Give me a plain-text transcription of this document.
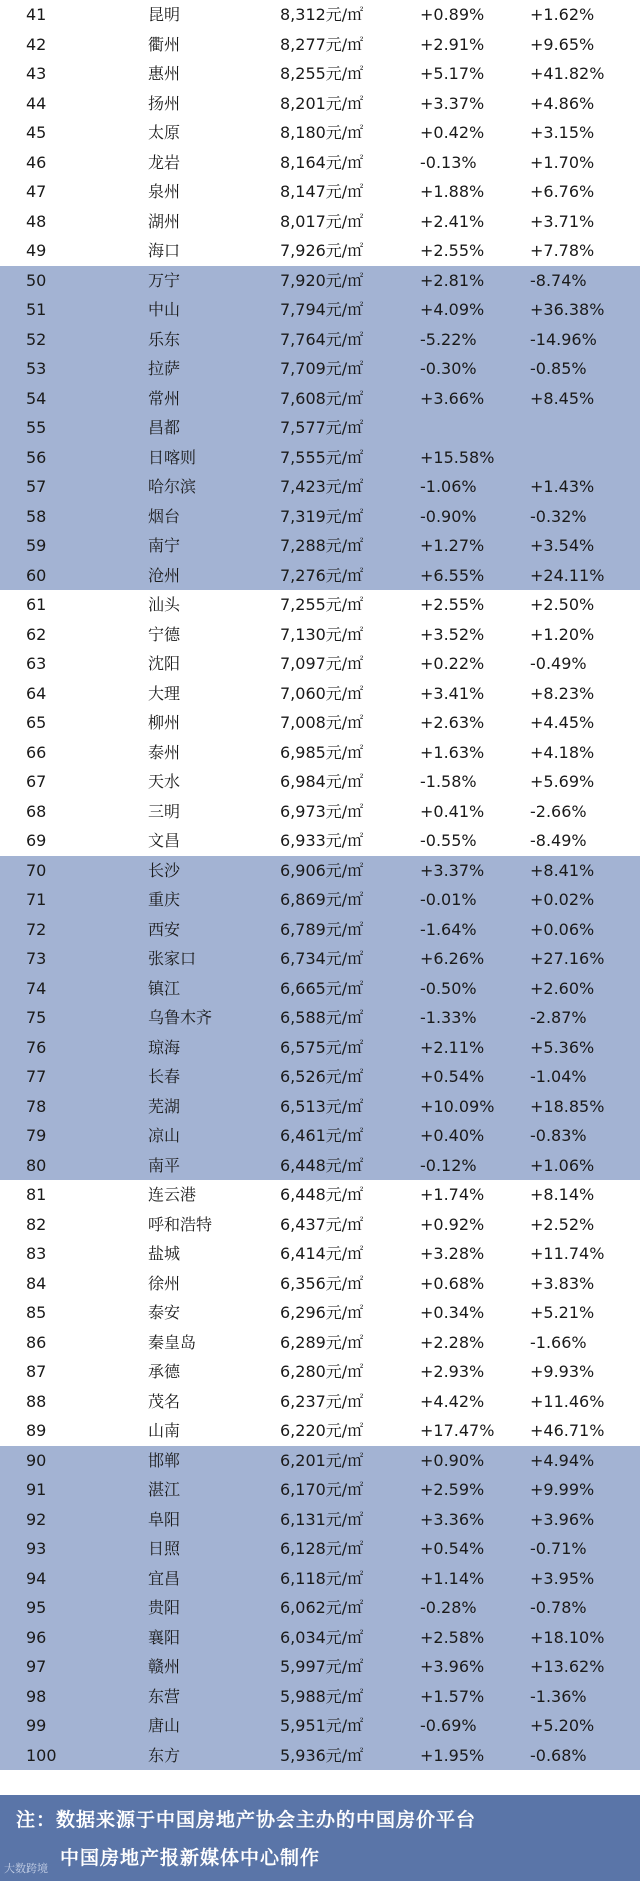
41	昆明	8,312元/㎡	+0.89%	+1.62%
42	衢州	8,277元/㎡	+2.91%	+9.65%
43	惠州	8,255元/㎡	+5.17%	+41.82%
44	扬州	8,201元/㎡	+3.37%	+4.86%
45	太原	8,180元/㎡	+0.42%	+3.15%
46	龙岩	8,164元/㎡	-0.13%	+1.70%
47	泉州	8,147元/㎡	+1.88%	+6.76%
48	湖州	8,017元/㎡	+2.41%	+3.71%
49	海口	7,926元/㎡	+2.55%	+7.78%
50	万宁	7,920元/㎡	+2.81%	-8.74%
51	中山	7,794元/㎡	+4.09%	+36.38%
52	乐东	7,764元/㎡	-5.22%	-14.96%
53	拉萨	7,709元/㎡	-0.30%	-0.85%
54	常州	7,608元/㎡	+3.66%	+8.45%
55	昌都	7,577元/㎡
56	日喀则	7,555元/㎡	+15.58%
57	哈尔滨	7,423元/㎡	-1.06%	+1.43%
58	烟台	7,319元/㎡	-0.90%	-0.32%
59	南宁	7,288元/㎡	+1.27%	+3.54%
60	沧州	7,276元/㎡	+6.55%	+24.11%
61	汕头	7,255元/㎡	+2.55%	+2.50%
62	宁德	7,130元/㎡	+3.52%	+1.20%
63	沈阳	7,097元/㎡	+0.22%	-0.49%
64	大理	7,060元/㎡	+3.41%	+8.23%
65	柳州	7,008元/㎡	+2.63%	+4.45%
66	泰州	6,985元/㎡	+1.63%	+4.18%
67	天水	6,984元/㎡	-1.58%	+5.69%
68	三明	6,973元/㎡	+0.41%	-2.66%
69	文昌	6,933元/㎡	-0.55%	-8.49%
70	长沙	6,906元/㎡	+3.37%	+8.41%
71	重庆	6,869元/㎡	-0.01%	+0.02%
72	西安	6,789元/㎡	-1.64%	+0.06%
73	张家口	6,734元/㎡	+6.26%	+27.16%
74	镇江	6,665元/㎡	-0.50%	+2.60%
75	乌鲁木齐	6,588元/㎡	-1.33%	-2.87%
76	琼海	6,575元/㎡	+2.11%	+5.36%
77	长春	6,526元/㎡	+0.54%	-1.04%
78	芜湖	6,513元/㎡	+10.09% +18.85%
79	凉山	6,461元/㎡	+0.40%	-0.83%
80	南平	6,448元/㎡	-0.12%	+1.06%
81	连云港	6,448元/㎡	+1.74%	+8.14%
82	呼和浩特	6,437元/㎡	+0.92%	+2.52%
83	盐城	6,414元/㎡	+3.28%	+11.74%
84	徐州	6,356元/㎡	+0.68%	+3.83%
85	泰安	6,296元/㎡	+0.34%	+5.21%
86	秦皇岛	6,289元/㎡	+2.28%	-1.66%
87	承德	6,280元/㎡	+2.93%	+9.93%
88	茂名	6,237元/㎡	+4.42%	+11.46%
89	山南	6,220元/㎡	+17.47% +46.71%
90	邯郸	6,201元/㎡	+0.90%	+4.94%
91	湛江	6,170元/㎡	+2.59%	+9.99%
92	阜阳	6,131元/㎡	+3.36%	+3.96%
93	日照	6,128元/㎡	+0.54%	-0.71%
94	宜昌	6,118元/㎡	+1.14%	+3.95%
95	贵阳	6,062元/㎡	-0.28%	-0.78%
96	襄阳	6,034元/㎡	+2.58%	+18.10%
97	赣州	5,997元/㎡	+3.96%	+13.62%
98	东营	5,988元/㎡	+1.57%	-1.36%
99	唐山	5,951元/㎡	-0.69%	+5.20%
100	东方	5,936元/㎡	+1.95%	-0.68%
注：数据来源于中国房地产协会主办的中国房价平台
中国房地产报新媒体中心制作
大数跨境
